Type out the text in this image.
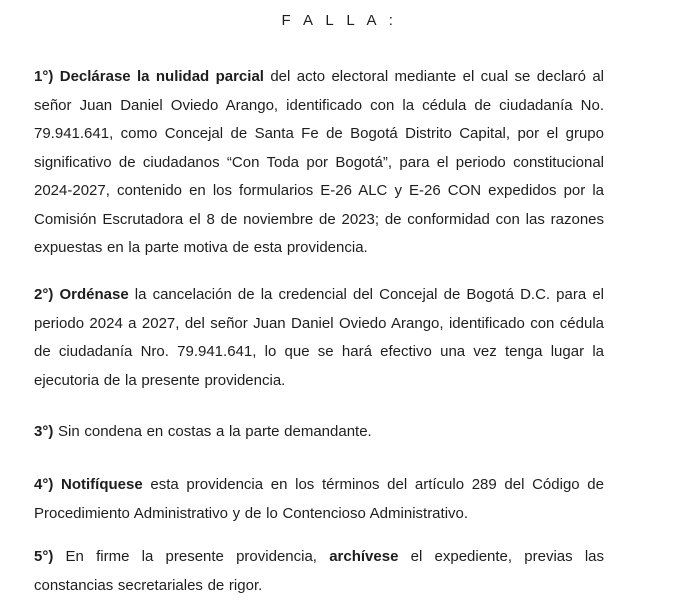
F A L L A :
1°) Declárase la nulidad parcial del acto electoral mediante el cual se declaró al señor Juan Daniel Oviedo Arango, identificado con la cédula de ciudadanía No. 79.941.641, como Concejal de Santa Fe de Bogotá Distrito Capital, por el grupo significativo de ciudadanos “Con Toda por Bogotá”, para el periodo constitucional 2024-2027, contenido en los formularios E-26 ALC y E-26 CON expedidos por la Comisión Escrutadora el 8 de noviembre de 2023; de conformidad con las razones expuestas en la parte motiva de esta providencia.
2°) Ordénase la cancelación de la credencial del Concejal de Bogotá D.C. para el periodo 2024 a 2027, del señor Juan Daniel Oviedo Arango, identificado con cédula de ciudadanía Nro. 79.941.641, lo que se hará efectivo una vez tenga lugar la ejecutoria de la presente providencia.
3°) Sin condena en costas a la parte demandante.
4°) Notifíquese esta providencia en los términos del artículo 289 del Código de Procedimiento Administrativo y de lo Contencioso Administrativo.
5°) En firme la presente providencia, archívese el expediente, previas las constancias secretariales de rigor.
